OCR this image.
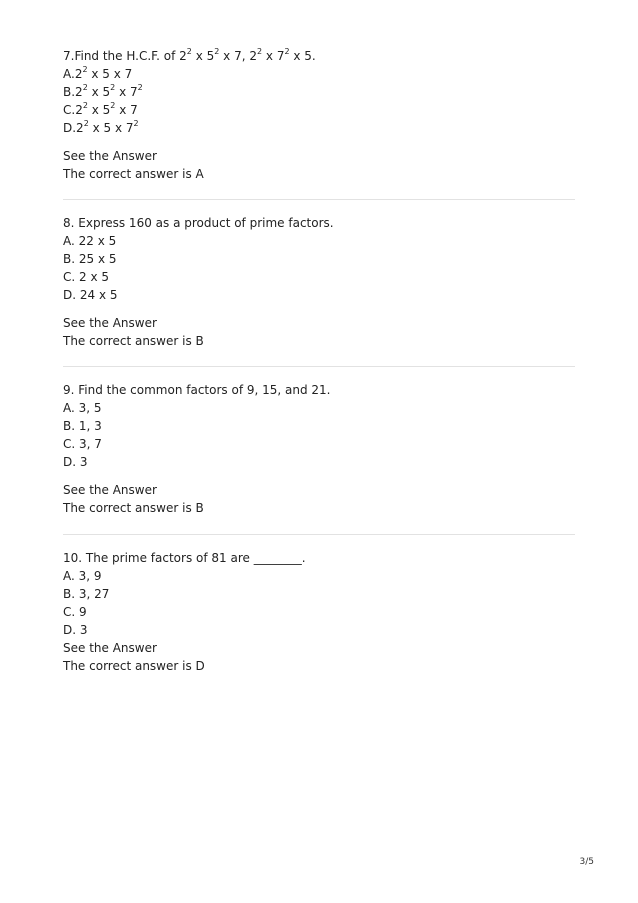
7.Find the H.C.F. of $2^2$ x $5^2$ x 7, $2^2$ x $7^2$ x 5.
$A.2^2$ x 5 x 7
$B.2^2$ x $5^2$ x $7^2$
$C.2^2$ x $5^2$ x 7
$D.2^2$ x 5 x $7^2$
See the Answer
The correct answer is A
8. Express 160 as a product of prime factors.
A. 22 x 5
B. 25 x 5
C. 2 x 5
D. 24 x 5
See the Answer
The correct answer is B
9. Find the common factors of 9, 15, and 21.
A. 3, 5
B. 1, 3
C. 3, 7
D. 3
See the Answer
The correct answer is B
10. The prime factors of 81 are ________.
A. 3, 9
B. 3, 27
C. 9
D. 3
See the Answer
The correct answer is D
3/5
